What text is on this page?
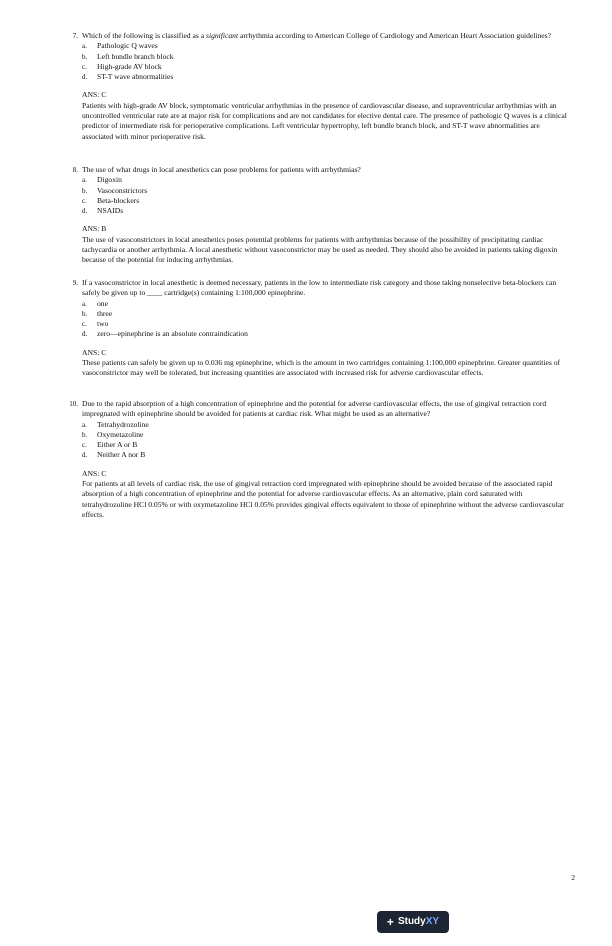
7. Which of the following is classified as a significant arrhythmia according to American College of Cardiology and American Heart Association guidelines?

a. Pathologic Q waves
b. Left bundle branch block
c. High-grade AV block
d. ST-T wave abnormalities
ANS: C

Patients with high-grade AV block, symptomatic ventricular arrhythmias in the presence of cardiovascular disease, and supraventricular arrhythmias with an uncontrolled ventricular rate are at major risk for complications and are not candidates for elective dental care. The presence of pathologic Q waves is a clinical predictor of intermediate risk for perioperative complications. Left ventricular hypertrophy, left bundle branch block, and ST-T wave abnormalities are associated with minor perioperative risk.

8. The use of what drugs in local anesthetics can pose problems for patients with arrhythmias?

a. Digoxin
b. Vasoconstrictors
c. Beta-blockers
d. NSAIDs
ANS: B

The use of vasoconstrictors in local anesthetics poses potential problems for patients with arrhythmias because of the possibility of precipitating cardiac tachycardia or another arrhythmia. A local anesthetic without vasoconstrictor may be used as needed. They should also be avoided in patients taking digoxin because of the potential for inducing arrhythmias.

9. If a vasoconstrictor in local anesthetic is deemed necessary, patients in the low to intermediate risk category and those taking nonselective beta-blockers can safely be given up to ____ cartridge(s) containing 1:100,000 epinephrine.

a. one
b. three
c. two
d. zero—epinephrine is an absolute contraindication
ANS: C

These patients can safely be given up to 0.036 mg epinephrine, which is the amount in two cartridges containing 1:100,000 epinephrine. Greater quantities of vasoconstrictor may well be tolerated, but increasing quantities are associated with increased risk for adverse cardiovascular effects.

10. Due to the rapid absorption of a high concentration of epinephrine and the potential for adverse cardiovascular effects, the use of gingival retraction cord impregnated with epinephrine should be avoided for patients at cardiac risk. What might be used as an alternative?

a. Tetrahydrozoline
b. Oxymetazoline
c. Either A or B
d. Neither A nor B
ANS: C

For patients at all levels of cardiac risk, the use of gingival retraction cord impregnated with epinephrine should be avoided because of the associated rapid absorption of a high concentration of epinephrine and the potential for adverse cardiovascular effects. As an alternative, plain cord saturated with tetrahydrozoline HCl 0.05% or with oxymetazoline HCl 0.05% provides gingival effects equivalent to those of epinephrine without the adverse cardiovascular effects.

2
+ Study XY
